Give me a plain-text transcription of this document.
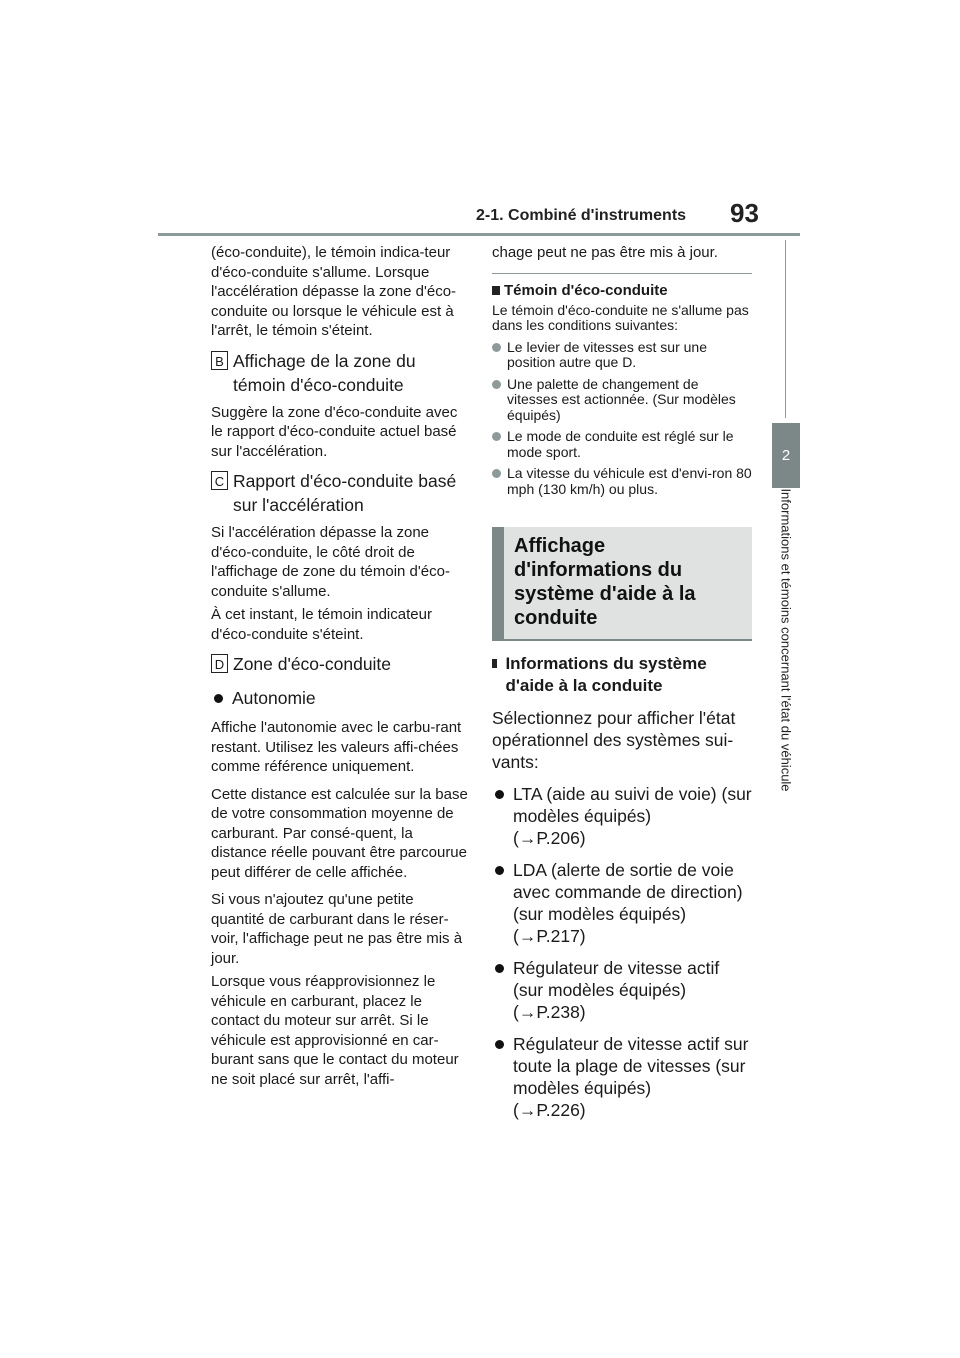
2-1. Combiné d'instruments 93
2
Informations et témoins concernant l'état du véhicule

(éco-conduite), le témoin indica-teur d'éco-conduite s'allume. Lorsque l'accélération dépasse la zone d'éco-conduite ou lorsque le véhicule est à l'arrêt, le témoin s'éteint.

B Affichage de la zone du témoin d'éco-conduite

Suggère la zone d'éco-conduite avec le rapport d'éco-conduite actuel basé sur l'accélération.

C Rapport d'éco-conduite basé sur l'accélération

Si l'accélération dépasse la zone d'éco-conduite, le côté droit de l'affichage de zone du témoin d'éco-conduite s'allume.

À cet instant, le témoin indicateur d'éco-conduite s'éteint.

D Zone d'éco-conduite
Autonomie

Affiche l'autonomie avec le carbu-rant restant. Utilisez les valeurs affi-chées comme référence uniquement.

Cette distance est calculée sur la base de votre consommation moyenne de carburant. Par consé-quent, la distance réelle pouvant être parcourue peut différer de celle affichée.

Si vous n'ajoutez qu'une petite quantité de carburant dans le réser-voir, l'affichage peut ne pas être mis à jour.

Lorsque vous réapprovisionnez le véhicule en carburant, placez le contact du moteur sur arrêt. Si le véhicule est approvisionné en car-burant sans que le contact du moteur ne soit placé sur arrêt, l'affi-

chage peut ne pas être mis à jour.

Témoin d'éco-conduite

Le témoin d'éco-conduite ne s'allume pas dans les conditions suivantes:

Le levier de vitesses est sur une position autre que D.
Une palette de changement de vitesses est actionnée. (Sur modèles équipés)
Le mode de conduite est réglé sur le mode sport.
La vitesse du véhicule est d'envi-ron 80 mph (130 km/h) ou plus.
Affichage d'informations du système d'aide à la conduite
Informations du système d'aide à la conduite

Sélectionnez pour afficher l'état opérationnel des systèmes sui-vants:

LTA (aide au suivi de voie) (sur modèles équipés)
(→P.206)
LDA (alerte de sortie de voie avec commande de direction) (sur modèles équipés)
(→P.217)
Régulateur de vitesse actif (sur modèles équipés)
(→P.238)
Régulateur de vitesse actif sur toute la plage de vitesses (sur modèles équipés)
(→P.226)
